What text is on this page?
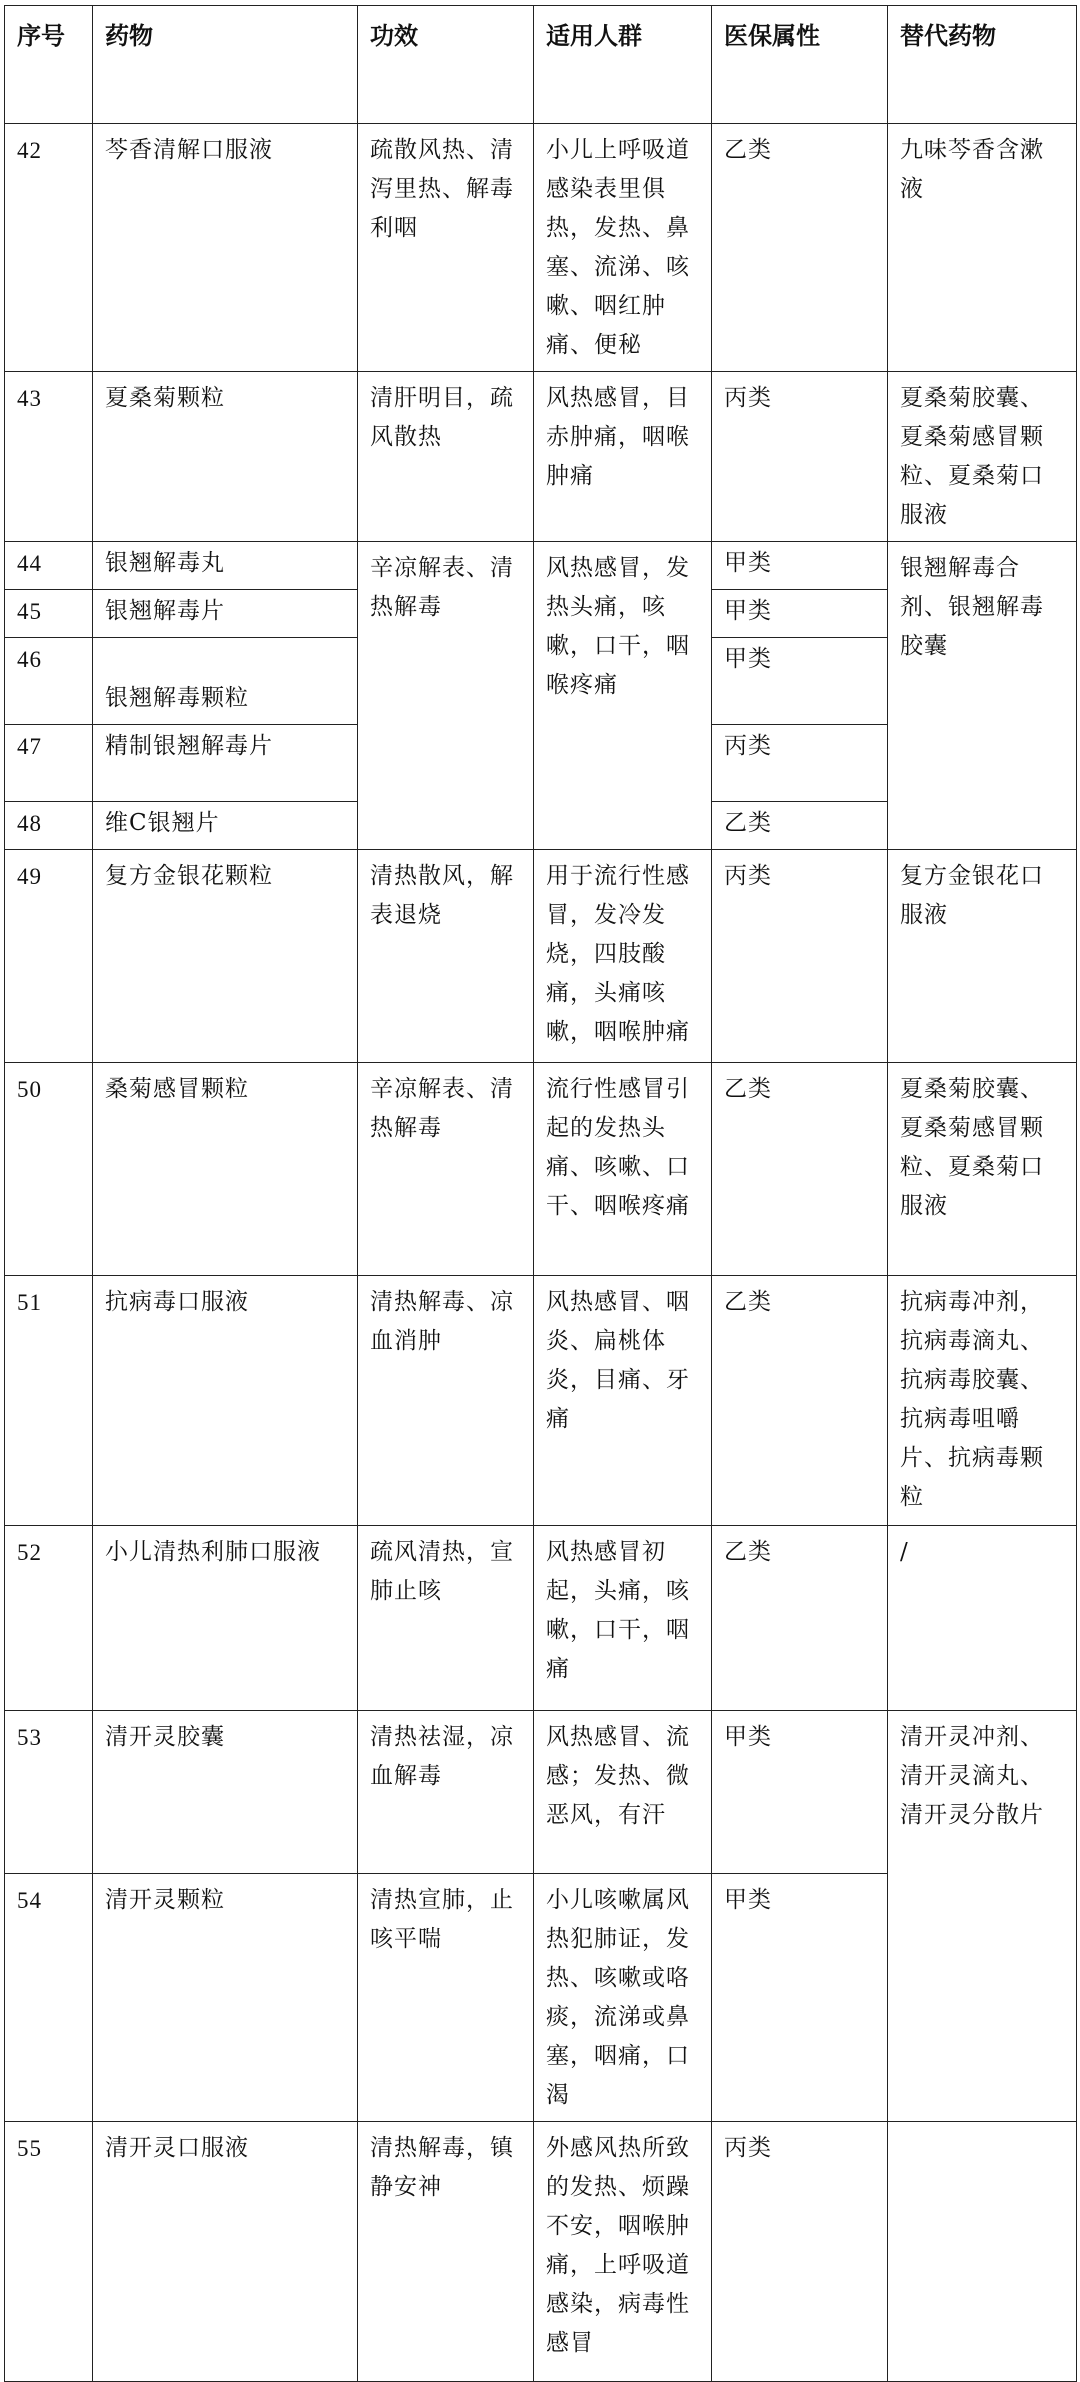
序号	药物	功效	适用人群	医保属性	替代药物
42	芩香清解口服液	疏散风热、清泻里热、解毒利咽	小儿上呼吸道感染表里俱热，发热、鼻塞、流涕、咳嗽、咽红肿痛、便秘	乙类	九味芩香含漱液
43	夏桑菊颗粒	清肝明目，疏风散热	风热感冒，目赤肿痛，咽喉肿痛	丙类	夏桑菊胶囊、夏桑菊感冒颗粒、夏桑菊口服液
44	银翘解毒丸	辛凉解表、清热解毒	风热感冒，发热头痛，咳嗽，口干，咽喉疼痛	甲类	银翘解毒合剂、银翘解毒胶囊
45	银翘解毒片			甲类	
46	银翘解毒颗粒			甲类	
47	精制银翘解毒片			丙类	
48	维C银翘片			乙类	
49	复方金银花颗粒	清热散风，解表退烧	用于流行性感冒，发冷发烧，四肢酸痛，头痛咳嗽，咽喉肿痛	丙类	复方金银花口服液
50	桑菊感冒颗粒	辛凉解表、清热解毒	流行性感冒引起的发热头痛、咳嗽、口干、咽喉疼痛	乙类	夏桑菊胶囊、夏桑菊感冒颗粒、夏桑菊口服液
51	抗病毒口服液	清热解毒、凉血消肿	风热感冒、咽炎、扁桃体炎，目痛、牙痛	乙类	抗病毒冲剂，抗病毒滴丸、抗病毒胶囊、抗病毒咀嚼片、抗病毒颗粒
52	小儿清热利肺口服液	疏风清热，宣肺止咳	风热感冒初起，头痛，咳嗽，口干，咽痛	乙类	/

53	清开灵胶囊	清热祛湿，凉血解毒	风热感冒、流感；发热、微恶风，有汗	甲类	清开灵冲剂、清开灵滴丸、清开灵分散片
54	清开灵颗粒	清热宣肺，止咳平喘	小儿咳嗽属风热犯肺证，发热、咳嗽或咯痰，流涕或鼻塞，咽痛，口渴	甲类	
55	清开灵口服液	清热解毒，镇静安神	外感风热所致的发热、烦躁不安，咽喉肿痛，上呼吸道感染，病毒性感冒	丙类	
